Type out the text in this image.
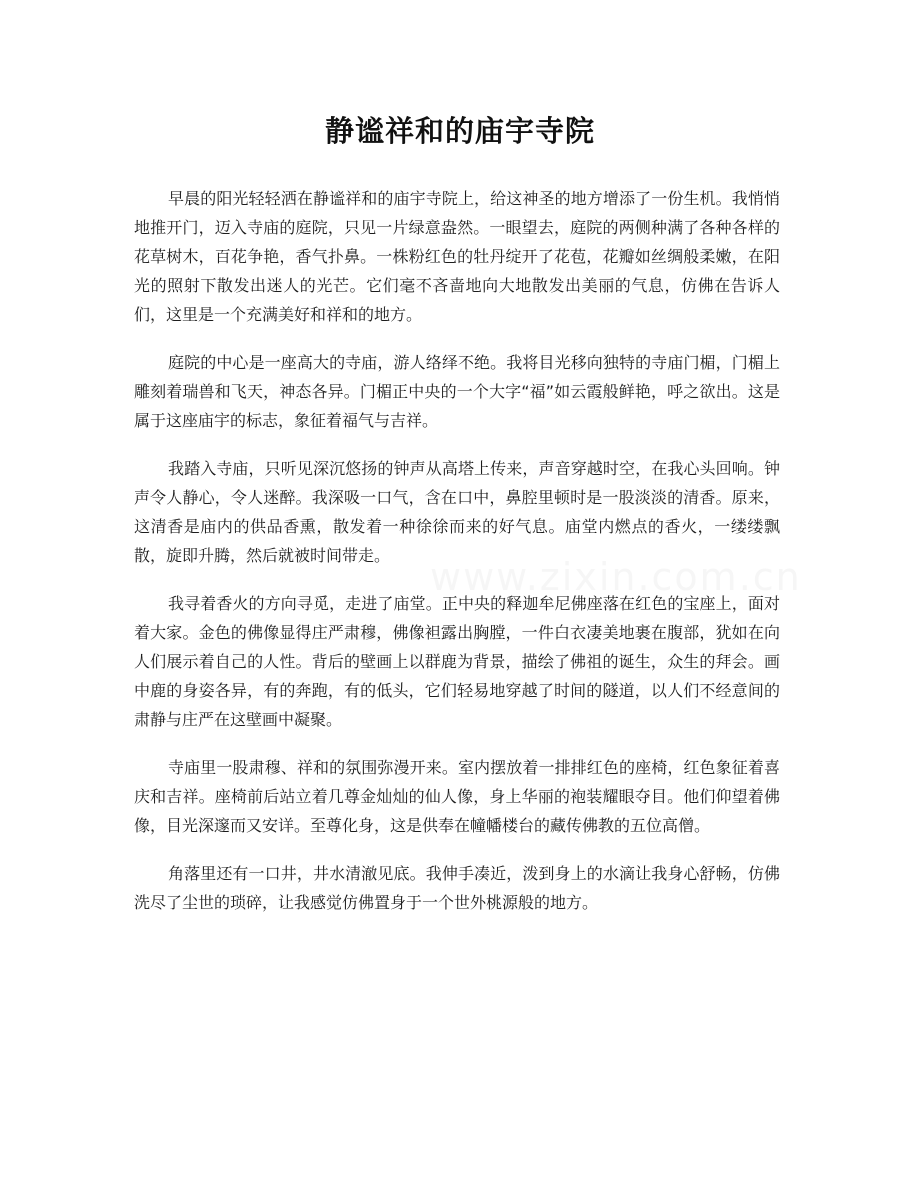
静谧祥和的庙宇寺院

早晨的阳光轻轻洒在静谧祥和的庙宇寺院上，给这神圣的地方增添了一份生机。我悄悄地推开门，迈入寺庙的庭院，只见一片绿意盎然。一眼望去，庭院的两侧种满了各种各样的花草树木，百花争艳，香气扑鼻。一株粉红色的牡丹绽开了花苞，花瓣如丝绸般柔嫩，在阳光的照射下散发出迷人的光芒。它们毫不吝啬地向大地散发出美丽的气息，仿佛在告诉人们，这里是一个充满美好和祥和的地方。

庭院的中心是一座高大的寺庙，游人络绎不绝。我将目光移向独特的寺庙门楣，门楣上雕刻着瑞兽和飞天，神态各异。门楣正中央的一个大字“福”如云霞般鲜艳，呼之欲出。这是属于这座庙宇的标志，象征着福气与吉祥。

我踏入寺庙，只听见深沉悠扬的钟声从高塔上传来，声音穿越时空，在我心头回响。钟声令人静心，令人迷醉。我深吸一口气，含在口中，鼻腔里顿时是一股淡淡的清香。原来，这清香是庙内的供品香熏，散发着一种徐徐而来的好气息。庙堂内燃点的香火，一缕缕飘散，旋即升腾，然后就被时间带走。

我寻着香火的方向寻觅，走进了庙堂。正中央的释迦牟尼佛座落在红色的宝座上，面对着大家。金色的佛像显得庄严肃穆，佛像袒露出胸膛，一件白衣凄美地裹在腹部，犹如在向人们展示着自己的人性。背后的壁画上以群鹿为背景，描绘了佛祖的诞生，众生的拜会。画中鹿的身姿各异，有的奔跑，有的低头，它们轻易地穿越了时间的隧道，以人们不经意间的肃静与庄严在这壁画中凝聚。

寺庙里一股肃穆、祥和的氛围弥漫开来。室内摆放着一排排红色的座椅，红色象征着喜庆和吉祥。座椅前后站立着几尊金灿灿的仙人像，身上华丽的袍装耀眼夺目。他们仰望着佛像，目光深邃而又安详。至尊化身，这是供奉在幢幡楼台的藏传佛教的五位高僧。

角落里还有一口井，井水清澈见底。我伸手凑近，泼到身上的水滴让我身心舒畅，仿佛洗尽了尘世的琐碎，让我感觉仿佛置身于一个世外桃源般的地方。

www.zixin.com.cn
